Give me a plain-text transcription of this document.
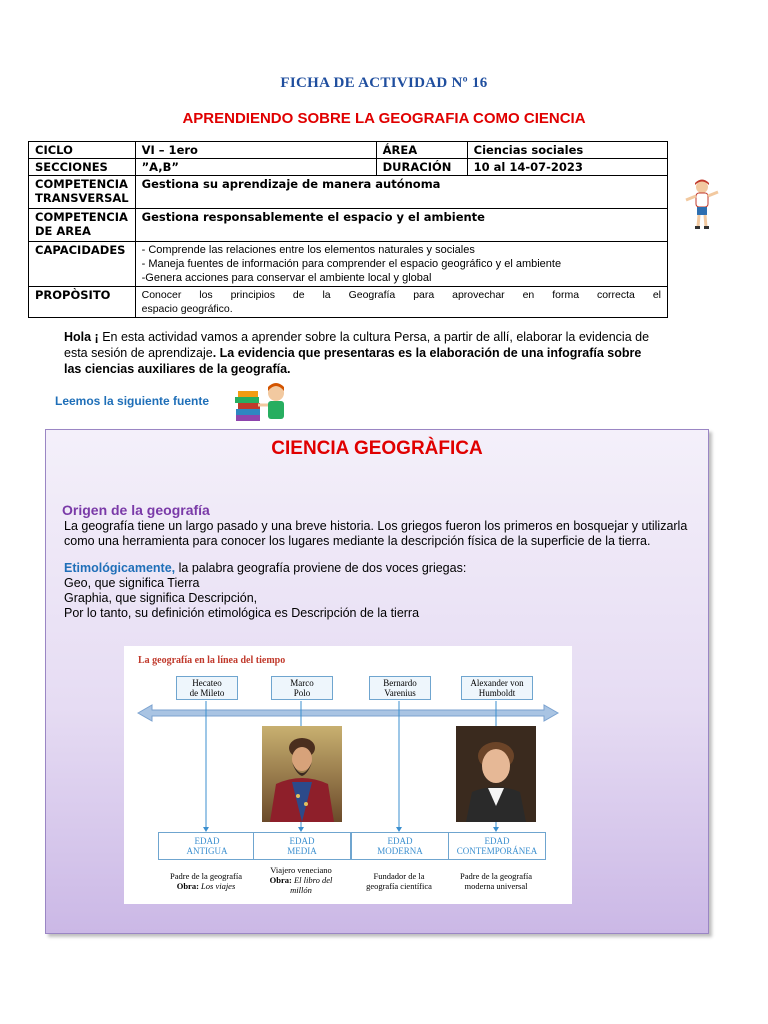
FICHA DE ACTIVIDAD Nº 16
APRENDIENDO SOBRE LA GEOGRAFIA COMO CIENCIA
CICLO	VI – 1ero	ÁREA	Ciencias sociales
SECCIONES	”A,B”	DURACIÓN	10 al 14-07-2023
COMPETENCIA TRANSVERSAL	Gestiona su aprendizaje de manera autónoma		
COMPETENCIA DE AREA	Gestiona responsablemente el espacio y el ambiente		
CAPACIDADES	- Comprende las relaciones entre los elementos naturales y sociales
- Maneja fuentes de información para comprender el espacio geográfico y el ambiente
-Genera acciones para conservar el ambiente local y global		

PROPÒSITO	Conocer los principios de la Geografía para aprovechar en forma correcta el
espacio geográfico.		
Hola ¡ En esta actividad vamos a aprender sobre la cultura Persa, a partir de allí, elaborar la evidencia de esta sesión de aprendizaje. La evidencia que presentaras es la elaboración de una infografía sobre las ciencias auxiliares de la geografía.
Leemos la siguiente fuente
CIENCIA GEOGRÀFICA
Origen de la geografía
La geografía tiene un largo pasado y una breve historia. Los griegos fueron los primeros en bosquejar y utilizarla como una herramienta para conocer los lugares mediante la descripción física de la superficie de la tierra.
Etimológicamente, la palabra geografía proviene de dos voces griegas:
Geo, que significa Tierra
Graphia, que significa Descripción,
Por lo tanto, su definición etimológica es Descripción de la tierra
La geografía en la línea del tiempo
Hecateo
de Mileto
Marco
Polo
Bernardo
Varenius
Alexander von
Humboldt
EDAD
ANTIGUA
EDAD
MEDIA
EDAD
MODERNA
EDAD
CONTEMPORÁNEA
Padre de la geografía
Obra: Los viajes
Viajero veneciano
Obra: El libro del
millón
Fundador de la
geografía científica
Padre de la geografía
moderna universal
